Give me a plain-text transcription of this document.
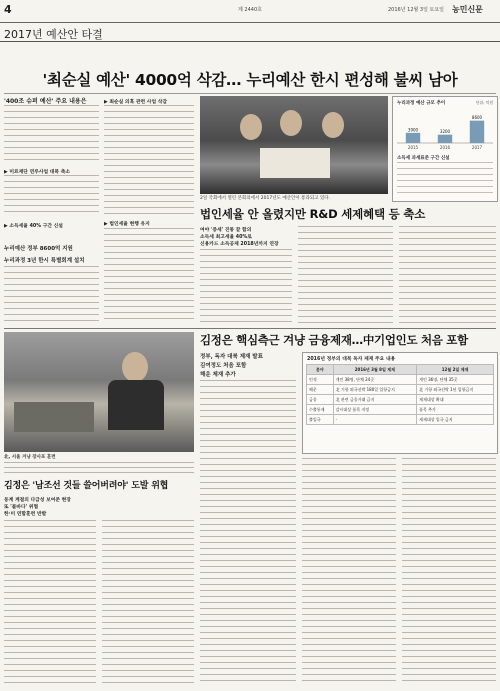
4	제 2440호	2016년 12월 3일 토요일 농민신문
2017년 예산안 타결
'최순실 예산' 4000억 삭감… 누리예산 한시 편성해 불씨 남아
'400조 슈퍼 예산' 주요 내용은
▶ 미르재단 연루사업 대폭 축소
▶ 소득세율 40% 구간 신설
누리예산 정부 8600억 지원
누리과정 3년 한시 특별회계 설치
▶ 최순실 의혹 관련 사업 삭감
▶ 법인세율 현행 유지
2일 국회에서 열린 본회의에서 2017년도 예산안이 통과되고 있다.
누리과정 예산 규모 추이	단위: 억원
3900
2015
3200
2016
8600
2017
소득세 과세표준 구간 신설
법인세율 안 올렸지만 R&D 세제혜택 등 축소
여야 '증세' 진통 끝 합의
소득세 최고세율 40%로
신용카드 소득공제 2018년까지 연장
김정은 핵심측근 겨냥 금융제재…中기업인도 처음 포함
北, 서울 겨냥 장사포 훈련
김정은 '남조선 것들 쓸어버려야' 도발 위협
동계 계절의 다급성 보여준 현장
또 '불바다' 위협
한·미 연합훈련 반발
정부, 독자 대북 제재 발표
김여정도 처음 포함
해운 제재 추가
2016년 정부의 대북 독자 제재 주요 내용
분야	2016년 3월 8일 제재	12월 2일 제재
인적	개인 38명, 단체 24곳	개인 36명, 단체 35곳
해운	北 기항 외국선박 180일 입항금지	北 기항 외국선박 1년 입항금지
금융	北 관련 금융거래 금지	제재대상 확대
수출통제	감시대상 품목 지정	품목 추가
출입국	-	제재대상 입국 금지
